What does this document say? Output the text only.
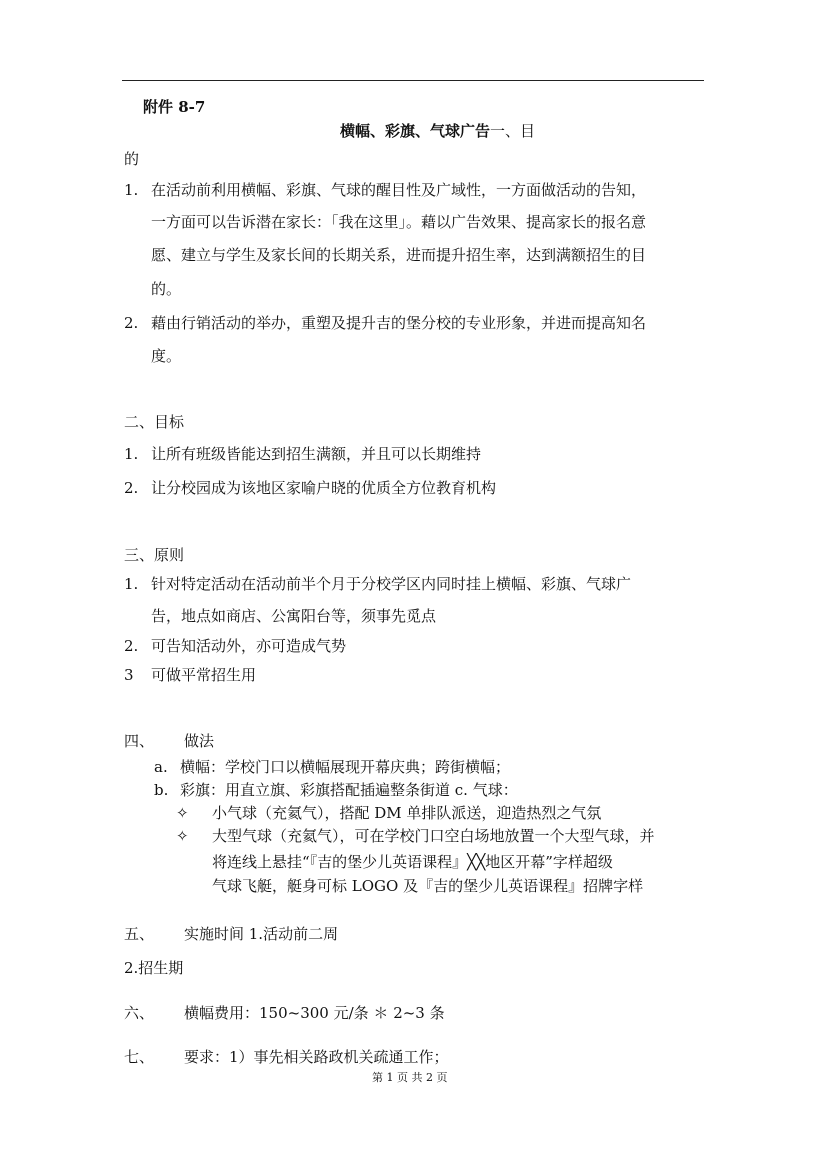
附件 8-7
横幅、彩旗、气球广告一、目
的
1. 在活动前利用横幅、彩旗、气球的醒目性及广域性，一方面做活动的告知，
一方面可以告诉潜在家长：「我在这里」。藉以广告效果、提高家长的报名意
愿、建立与学生及家长间的长期关系，进而提升招生率，达到满额招生的目
的。
2. 藉由行销活动的举办，重塑及提升吉的堡分校的专业形象，并进而提高知名
度。
二、目标
1. 让所有班级皆能达到招生满额，并且可以长期维持
2. 让分校园成为该地区家喻户晓的优质全方位教育机构
三、原则
1. 针对特定活动在活动前半个月于分校学区内同时挂上横幅、彩旗、气球广
告，地点如商店、公寓阳台等，须事先觅点
2. 可告知活动外，亦可造成气势
3 可做平常招生用
四、 做法
a. 横幅：学校门口以横幅展现开幕庆典；跨街横幅；
b. 彩旗：用直立旗、彩旗搭配插遍整条街道 c. 气球：
✧ 小气球（充氦气），搭配 DM 单排队派送，迎造热烈之气氛
✧ 大型气球（充氦气），可在学校门口空白场地放置一个大型气球，并
将连线上悬挂“『吉的堡少儿英语课程』╳╳地区开幕”字样超级
气球飞艇，艇身可标 LOGO 及『吉的堡少儿英语课程』招牌字样
五、 实施时间 1.活动前二周
2.招生期
六、 横幅费用：150~300 元/条 ＊ 2~3 条
七、 要求：1）事先相关路政机关疏通工作；
第 1 页 共 2 页
